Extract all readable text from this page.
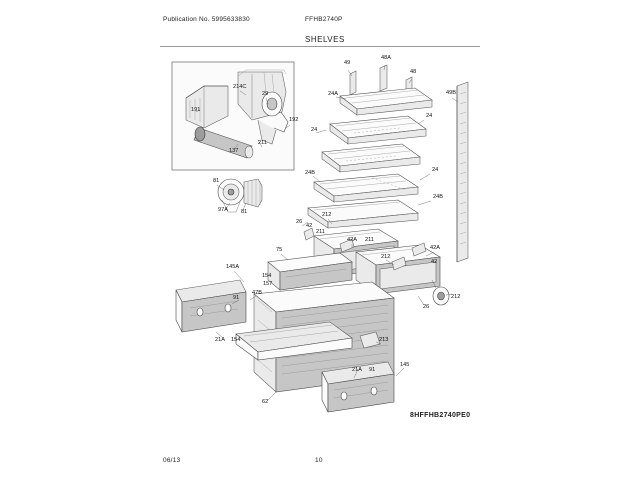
Publication No. 5995633830	FFHB2740P
SHELVES
06/13	10
8HFFHB2740PE0
49
48A
48
49B
24A
24
24
24
24B
24B
212
42
26
211
42A 211
42A
212
42
212
26
75
145A
154
157
91
47B
21A 154	213
21A 91
145
62
81
97A 81
191
214C
29
192
211
137
